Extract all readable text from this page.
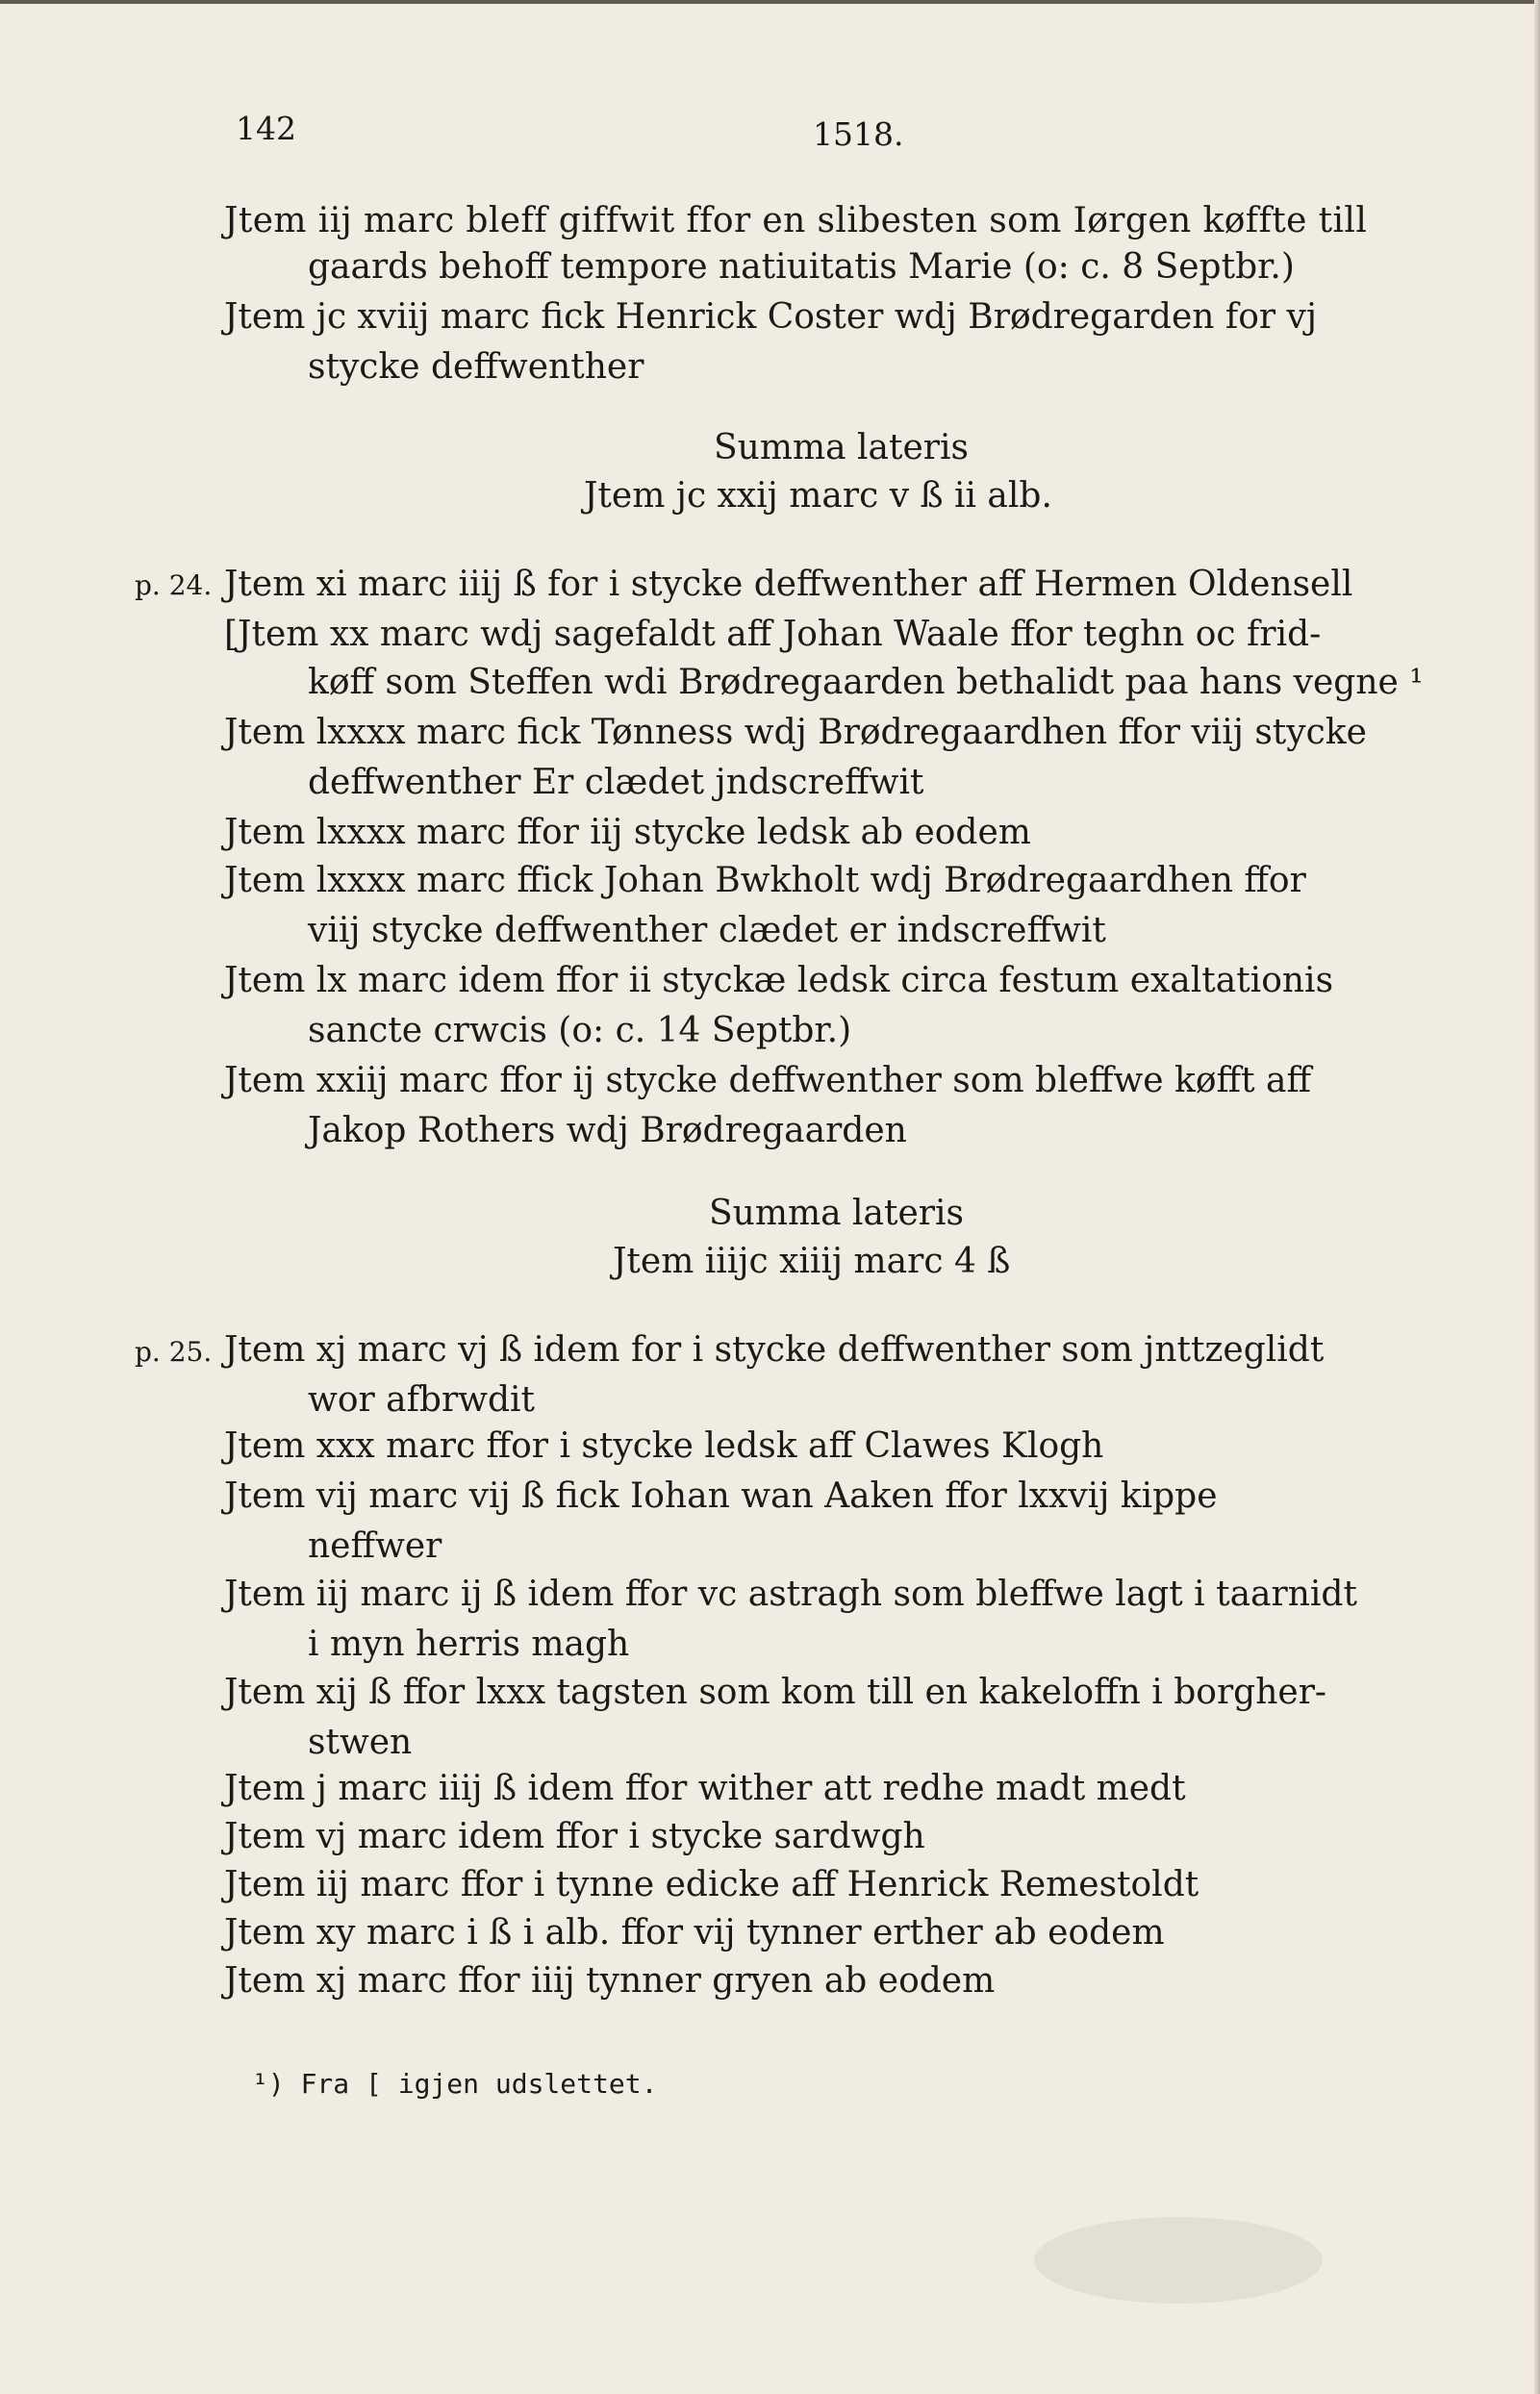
142	1518.
p. 24.
p. 25.
Jtem iij marc bleff giffwit ffor en slibesten som Iørgen køffte till
gaards behoff tempore natiuitatis Marie (o: c. 8 Septbr.)
Jtem jc xviij marc fick Henrick Coster wdj Brødregarden for vj
stycke deffwenther
Summa lateris
Jtem jc xxij marc v ß ii alb.
Jtem xi marc iiij ß for i stycke deffwenther aff Hermen Oldensell
[Jtem xx marc wdj sagefaldt aff Johan Waale ffor teghn oc frid-
køff som Steffen wdi Brødregaarden bethalidt paa hans vegne ¹
Jtem lxxxx marc fick Tønness wdj Brødregaardhen ffor viij stycke
deffwenther Er clædet jndscreffwit
Jtem lxxxx marc ffor iij stycke ledsk ab eodem
Jtem lxxxx marc ffick Johan Bwkholt wdj Brødregaardhen ffor
viij stycke deffwenther clædet er indscreffwit
Jtem lx marc idem ffor ii styckæ ledsk circa festum exaltationis
sancte crwcis (o: c. 14 Septbr.)
Jtem xxiij marc ffor ij stycke deffwenther som bleffwe køfft aff
Jakop Rothers wdj Brødregaarden
Summa lateris
Jtem iiijc xiiij marc 4 ß
Jtem xj marc vj ß idem for i stycke deffwenther som jnttzeglidt
wor afbrwdit
Jtem xxx marc ffor i stycke ledsk aff Clawes Klogh
Jtem vij marc vij ß fick Iohan wan Aaken ffor lxxvij kippe
neffwer
Jtem iij marc ij ß idem ffor vc astragh som bleffwe lagt i taarnidt
i myn herris magh
Jtem xij ß ffor lxxx tagsten som kom till en kakeloffn i borgher-
stwen
Jtem j marc iiij ß idem ffor wither att redhe madt medt
Jtem vj marc idem ffor i stycke sardwgh
Jtem iij marc ffor i tynne edicke aff Henrick Remestoldt
Jtem xy marc i ß i alb. ffor vij tynner erther ab eodem
Jtem xj marc ffor iiij tynner gryen ab eodem
¹) Fra [ igjen udslettet.
